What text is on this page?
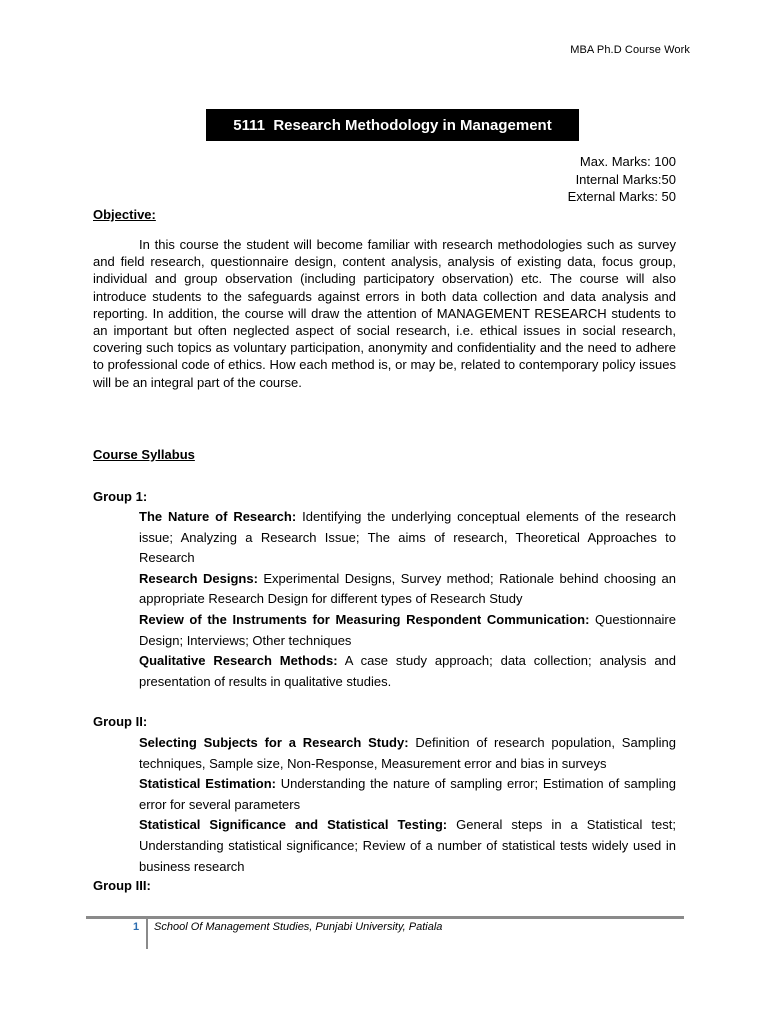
MBA Ph.D Course Work
5111  Research Methodology in Management
Max. Marks: 100
Internal Marks:50
External Marks: 50
Objective:

In this course the student will become familiar with research methodologies such as survey and field research, questionnaire design, content analysis, analysis of existing data, focus group, individual and group observation (including participatory observation) etc. The course will also introduce students to the safeguards against errors in both data collection and data analysis and reporting. In addition, the course will draw the attention of MANAGEMENT RESEARCH students to an important but often neglected aspect of social research, i.e. ethical issues in social research, covering such topics as voluntary participation, anonymity and confidentiality and the need to adhere to professional code of ethics. How each method is, or may be, related to contemporary policy issues will be an integral part of the course.

Course Syllabus
Group 1:
The Nature of Research: Identifying the underlying conceptual elements of the research issue; Analyzing a Research Issue; The aims of research, Theoretical Approaches to Research
Research Designs: Experimental Designs, Survey method; Rationale behind choosing an appropriate Research Design for different types of Research Study
Review of the Instruments for Measuring Respondent Communication: Questionnaire Design; Interviews; Other techniques
Qualitative Research Methods: A case study approach; data collection; analysis and presentation of results in qualitative studies.
Group II:
Selecting Subjects for a Research Study: Definition of research population, Sampling techniques, Sample size, Non-Response, Measurement error and bias in surveys
Statistical Estimation: Understanding the nature of sampling error; Estimation of sampling error for several parameters
Statistical Significance and Statistical Testing: General steps in a Statistical test; Understanding statistical significance; Review of a number of statistical tests widely used in business research
Group III:
1 School Of Management Studies, Punjabi University, Patiala
